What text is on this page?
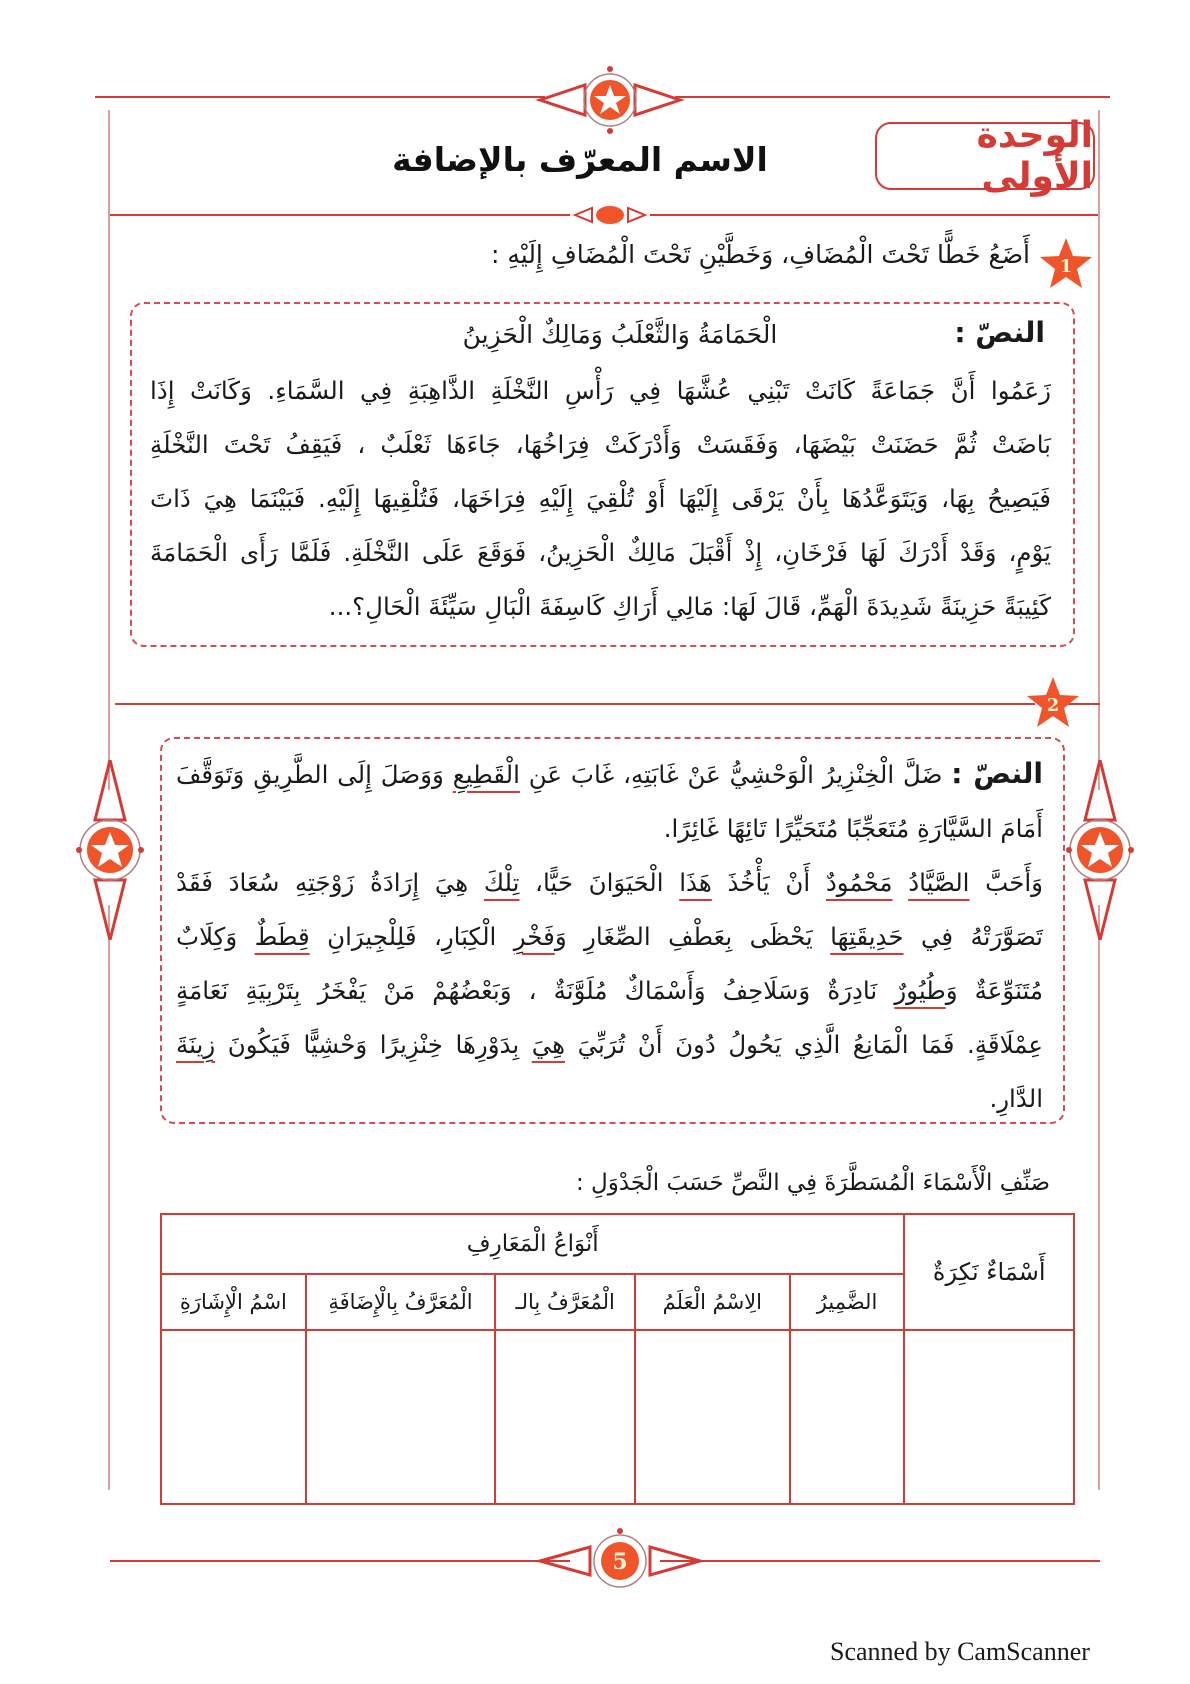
الوحدة الأولى
الاسم المعرّف بالإضافة
1
أَضَعُ خَطًّا تَحْتَ الْمُضَافِ، وَخَطَّيْنِ تَحْتَ الْمُضَافِ إِلَيْهِ :
النصّ :
الْحَمَامَةُ وَالثَّعْلَبُ وَمَالِكٌ الْحَزِينُ
زَعَمُوا أَنَّ جَمَاعَةً كَانَتْ تَبْنِي عُشَّهَا فِي رَأْسِ النَّخْلَةِ الذَّاهِبَةِ فِي السَّمَاءِ. وَكَانَتْ إِذَا
بَاضَتْ ثُمَّ حَضَنَتْ بَيْضَهَا، وَفَقَسَتْ وَأَدْرَكَتْ فِرَاخُهَا، جَاءَهَا ثَعْلَبٌ ، فَيَقِفُ تَحْتَ النَّخْلَةِ
فَيَصِيحُ بِهَا، وَيَتَوَعَّدُهَا بِأَنْ يَرْقَى إِلَيْهَا أَوْ تُلْقِيَ إِلَيْهِ فِرَاخَهَا، فَتُلْقِيهَا إِلَيْهِ. فَبَيْنَمَا هِيَ ذَاتَ
يَوْمٍ، وَقَدْ أَدْرَكَ لَهَا فَرْخَانِ، إِذْ أَقْبَلَ مَالِكٌ الْحَزِينُ، فَوَقَعَ عَلَى النَّخْلَةِ. فَلَمَّا رَأَى الْحَمَامَةَ
كَئِيبَةً حَزِينَةً شَدِيدَةَ الْهَمِّ، قَالَ لَهَا: مَالِي أَرَاكِ كَاسِفَةَ الْبَالِ سَيِّئَةَ الْحَالِ؟...
2
النصّ : ضَلَّ الْخِنْزِيرُ الْوَحْشِيُّ عَنْ غَابَتِهِ، غَابَ عَنِ الْقَطِيعِ وَوَصَلَ إِلَى الطَّرِيقِ وَتَوَقَّفَ
أَمَامَ السَّيَّارَةِ مُتَعَجِّبًا مُتَحَيِّرًا تَائِهًا غَائِرًا.
وَأَحَبَّ الصَّيَّادُ مَحْمُودٌ أَنْ يَأْخُذَ هَذَا الْحَيَوَانَ حَيًّا، تِلْكَ هِيَ إِرَادَةُ زَوْجَتِهِ سُعَادَ فَقَدْ
تَصَوَّرَتْهُ فِي حَدِيقَتِهَا يَحْظَى بِعَطْفِ الصِّغَارِ وَفَخْرِ الْكِبَارِ، فَلِلْجِيرَانِ قِطَطٌ وَكِلَابٌ
مُتَنَوِّعَةٌ وَطُيُورٌ نَادِرَةٌ وَسَلَاحِفُ وَأَسْمَاكٌ مُلَوَّنَةٌ ، وَبَعْضُهُمْ مَنْ يَفْخَرُ بِتَرْبِيَةِ نَعَامَةٍ
عِمْلَاقَةٍ. فَمَا الْمَانِعُ الَّذِي يَحُولُ دُونَ أَنْ تُرَبِّيَ هِيَ بِدَوْرِهَا خِنْزِيرًا وَحْشِيًّا فَيَكُونَ زِينَةَ
الدَّارِ.
صَنِّفِ الْأَسْمَاءَ الْمُسَطَّرَةَ فِي النَّصِّ حَسَبَ الْجَدْوَلِ :
أَسْمَاءٌ نَكِرَةٌ	أَنْوَاعُ الْمَعَارِفِ				
	الضَّمِيرُ	الِاسْمُ الْعَلَمُ	الْمُعَرَّفُ بِالـ	الْمُعَرَّفُ بِالْإِضَافَةِ	اسْمُ الْإِشَارَةِ

5
Scanned by CamScanner
